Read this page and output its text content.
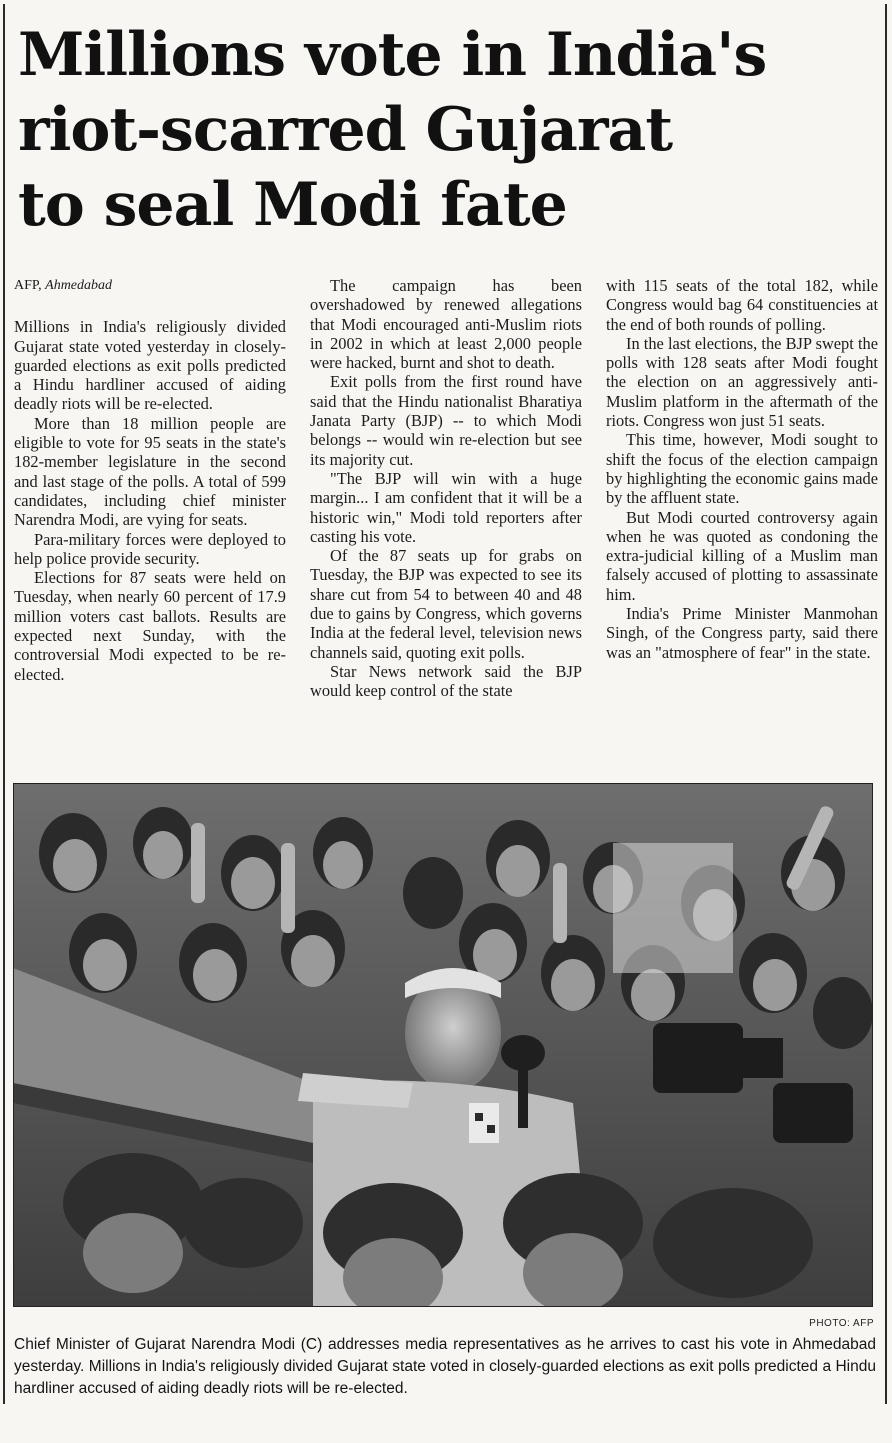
Millions vote in India's
riot-scarred Gujarat
to seal Modi fate
AFP, Ahmedabad

Millions in India's religiously divided Gujarat state voted yesterday in closely-guarded elections as exit polls predicted a Hindu hardliner accused of aiding deadly riots will be re-elected.

More than 18 million people are eligible to vote for 95 seats in the state's 182-member legislature in the second and last stage of the polls. A total of 599 candidates, including chief minister Narendra Modi, are vying for seats.

Para-military forces were deployed to help police provide security.

Elections for 87 seats were held on Tuesday, when nearly 60 percent of 17.9 million voters cast ballots. Results are expected next Sunday, with the controversial Modi expected to be re-elected.

The campaign has been overshadowed by renewed allegations that Modi encouraged anti-Muslim riots in 2002 in which at least 2,000 people were hacked, burnt and shot to death.

Exit polls from the first round have said that the Hindu nationalist Bharatiya Janata Party (BJP) -- to which Modi belongs -- would win re-election but see its majority cut.

"The BJP will win with a huge margin... I am confident that it will be a historic win," Modi told reporters after casting his vote.

Of the 87 seats up for grabs on Tuesday, the BJP was expected to see its share cut from 54 to between 40 and 48 due to gains by Congress, which governs India at the federal level, television news channels said, quoting exit polls.

Star News network said the BJP would keep control of the state

with 115 seats of the total 182, while Congress would bag 64 constituencies at the end of both rounds of polling.

In the last elections, the BJP swept the polls with 128 seats after Modi fought the election on an aggressively anti-Muslim platform in the aftermath of the riots. Congress won just 51 seats.

This time, however, Modi sought to shift the focus of the election campaign by highlighting the economic gains made by the affluent state.

But Modi courted controversy again when he was quoted as condoning the extra-judicial killing of a Muslim man falsely accused of plotting to assassinate him.

India's Prime Minister Manmohan Singh, of the Congress party, said there was an "atmosphere of fear" in the state.

PHOTO: AFP

Chief Minister of Gujarat Narendra Modi (C) addresses media representatives as he arrives to cast his vote in Ahmedabad yesterday. Millions in India's religiously divided Gujarat state voted in closely-guarded elections as exit polls predicted a Hindu hardliner accused of aiding deadly riots will be re-elected.
